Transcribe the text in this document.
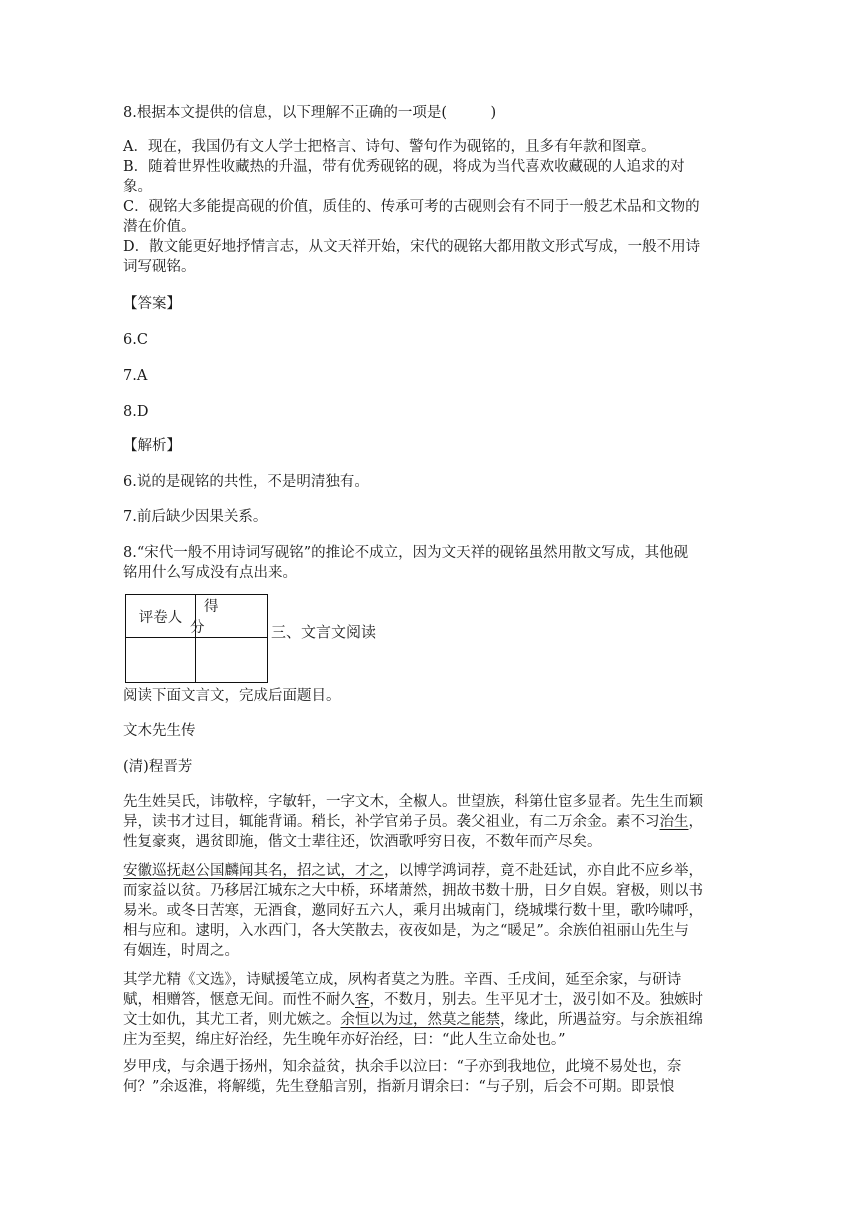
8.根据本文提供的信息，以下理解不正确的一项是(　　　)
A．现在，我国仍有文人学士把格言、诗句、警句作为砚铭的，且多有年款和图章。
B．随着世界性收藏热的升温，带有优秀砚铭的砚，将成为当代喜欢收藏砚的人追求的对
象。
C．砚铭大多能提高砚的价值，质佳的、传承可考的古砚则会有不同于一般艺术品和文物的
潜在价值。
D．散文能更好地抒情言志，从文天祥开始，宋代的砚铭大都用散文形式写成，一般不用诗
词写砚铭。
【答案】
6.C
7.A
8.D
【解析】
6.说的是砚铭的共性，不是明清独有。
7.前后缺少因果关系。
8.“宋代一般不用诗词写砚铭”的推论不成立，因为文天祥的砚铭虽然用散文写成，其他砚
铭用什么写成没有点出来。
评卷人	得
分

		三、文言文阅读
阅读下面文言文，完成后面题目。
文木先生传
(清)程晋芳
先生姓吴氏，讳敬梓，字敏轩，一字文木，全椒人。世望族，科第仕宦多显者。先生生而颖
异，读书才过目，辄能背诵。稍长，补学官弟子员。袭父祖业，有二万余金。素不习治生，
性复豪爽，遇贫即施，偕文士辈往还，饮酒歌呼穷日夜，不数年而产尽矣。
安徽巡抚赵公国麟闻其名，招之试，才之，以博学鸿词荐，竟不赴廷试，亦自此不应乡举，
而家益以贫。乃移居江城东之大中桥，环堵萧然，拥故书数十册，日夕自娱。窘极，则以书
易米。或冬日苦寒，无酒食，邀同好五六人，乘月出城南门，绕城堞行数十里，歌吟啸呼，
相与应和。逮明，入水西门，各大笑散去，夜夜如是，为之“暖足”。余族伯祖丽山先生与
有姻连，时周之。
其学尤精《文选》，诗赋援笔立成，夙构者莫之为胜。辛酉、壬戌间，延至余家，与研诗
赋，相赠答，惬意无间。而性不耐久客，不数月，别去。生平见才士，汲引如不及。独嫉时
文士如仇，其尤工者，则尤嫉之。余恒以为过，然莫之能禁，缘此，所遇益穷。与余族祖绵
庄为至契，绵庄好治经，先生晚年亦好治经，曰：“此人生立命处也。”
岁甲戌，与余遇于扬州，知余益贫，执余手以泣曰：“子亦到我地位，此境不易处也，奈
何？”余返淮，将解缆，先生登船言别，指新月谓余曰：“与子别，后会不可期。即景悢
